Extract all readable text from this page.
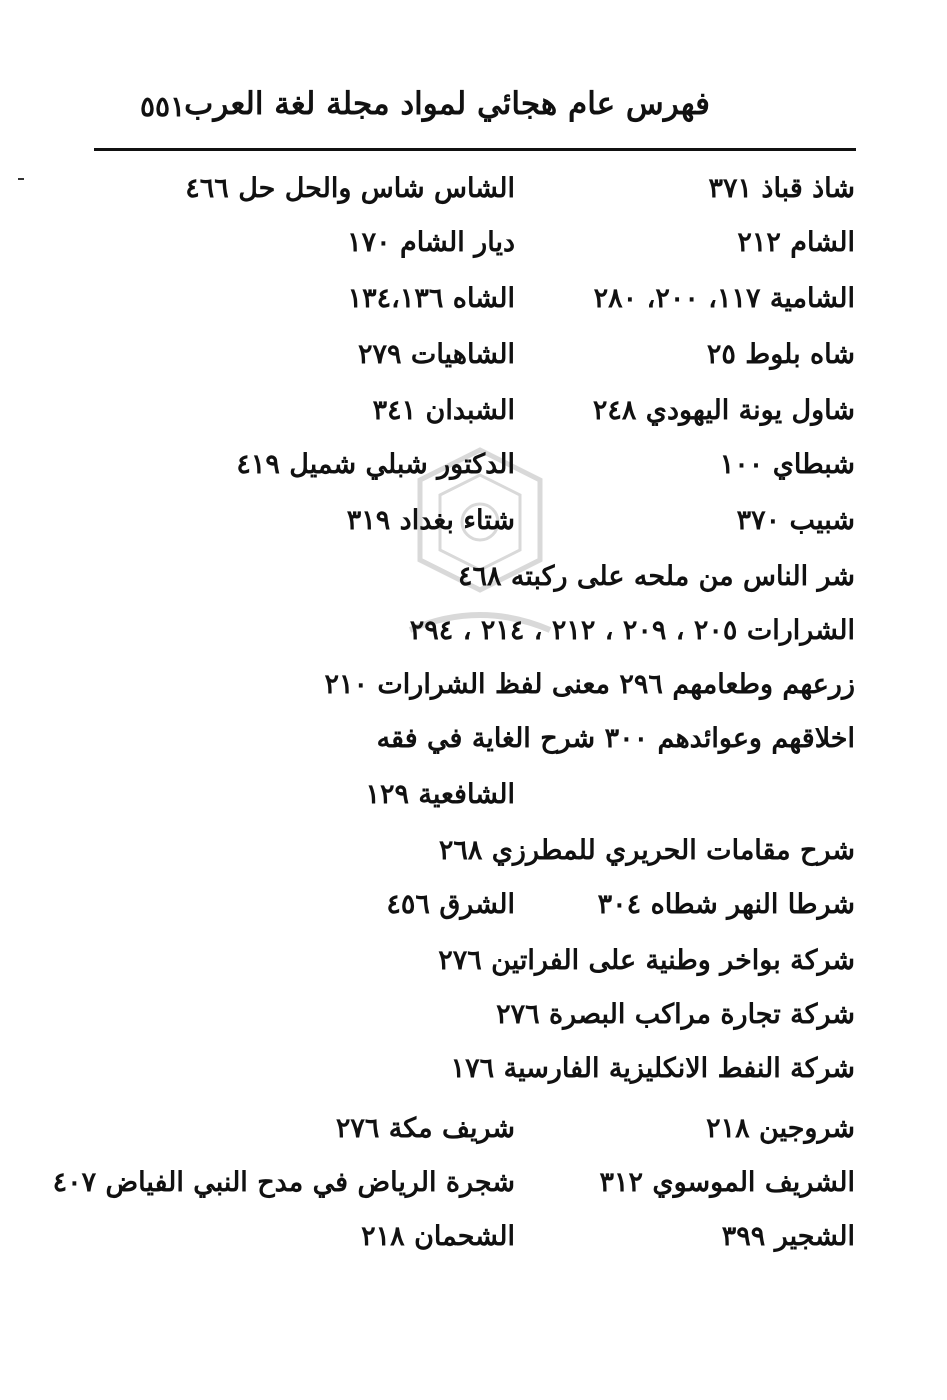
فهرس عام هجائي لمواد مجلة لغة العرب
٥٥١
شاذ قباذ ٣٧١
الشاس شاس والحل حل ٤٦٦
الشام ٢١٢
ديار الشام ١٧٠
الشامية ١١٧، ٢٠٠، ٢٨٠
الشاه ١٣٤،١٣٦
شاه بلوط ٢٥
الشاهيات ٢٧٩
شاول يونة اليهودي ٢٤٨
الشبدان ٣٤١
شبطاي ١٠٠
الدكتور شبلي شميل ٤١٩
شبيب ٣٧٠
شتاء بغداد ٣١٩
شر الناس من ملحه على ركبته ٤٦٨
الشرارات ٢٠٥ ، ٢٠٩ ، ٢١٢ ، ٢١٤ ، ٢٩٤
زرعهم وطعامهم ٢٩٦ معنى لفظ الشرارات ٢١٠
اخلاقهم وعوائدهم ٣٠٠ شرح الغاية في فقه
الشافعية ١٢٩
شرح مقامات الحريري للمطرزي ٢٦٨
شرطا النهر شطاه ٣٠٤
الشرق ٤٥٦
شركة بواخر وطنية على الفراتين ٢٧٦
شركة تجارة مراكب البصرة ٢٧٦
شركة النفط الانكليزية الفارسية ١٧٦
شروجين ٢١٨
شريف مكة ٢٧٦
الشريف الموسوي ٣١٢
شجرة الرياض في مدح النبي الفياض ٤٠٧
الشجير ٣٩٩
الشحمان ٢١٨
